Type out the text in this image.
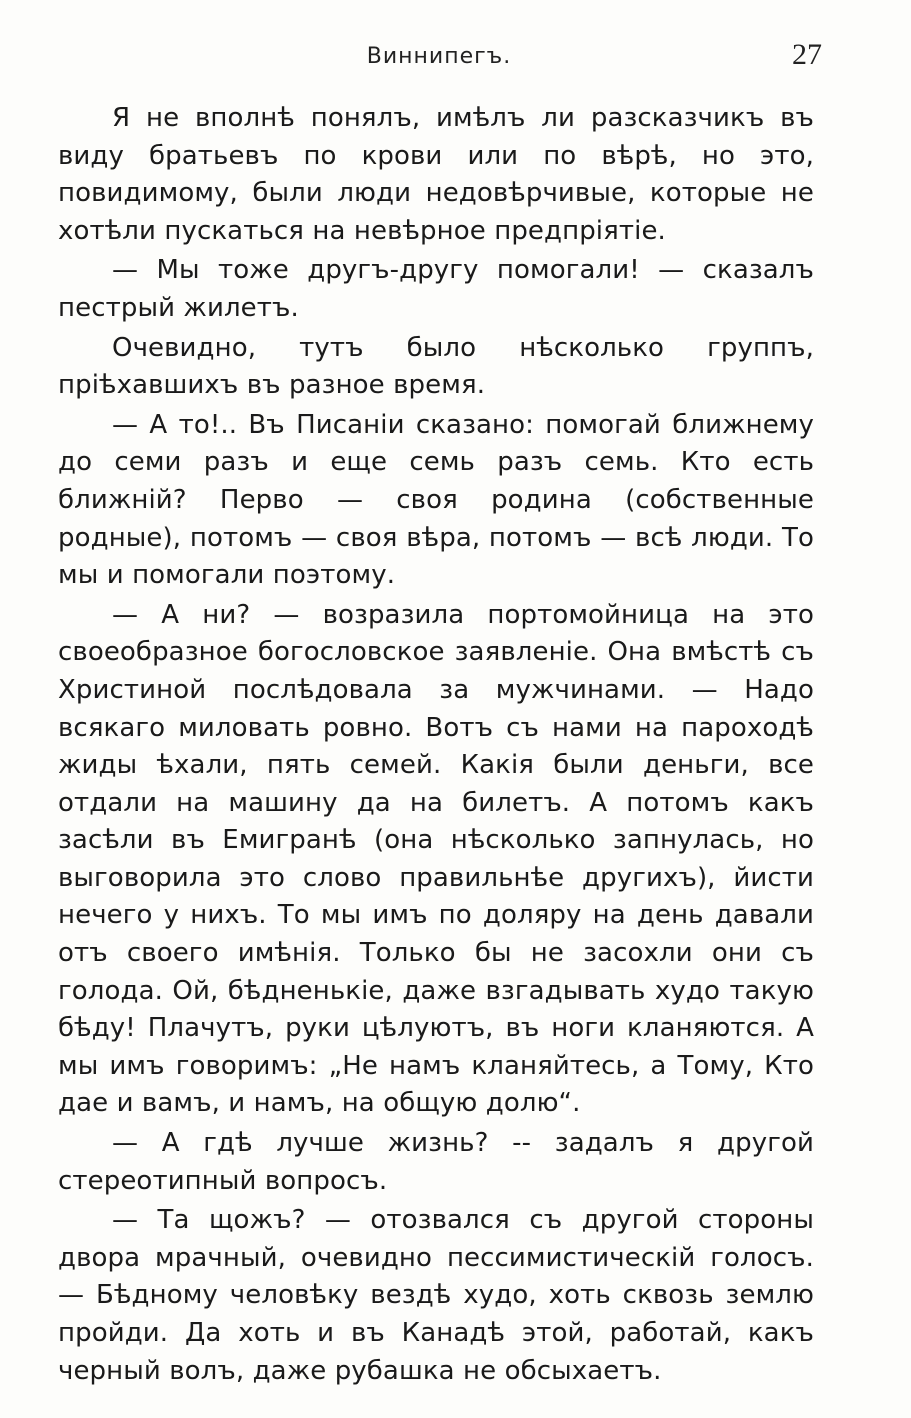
Виннипегъ.	27

Я не вполнѣ понялъ, имѣлъ ли разсказчикъ въ виду братьевъ по крови или по вѣрѣ, но это, повидимому, были люди недовѣрчивые, которые не хотѣли пускаться на невѣрное предпріятіе.

— Мы тоже другъ-другу помогали! — сказалъ пестрый жилетъ.

Очевидно, тутъ было нѣсколько группъ, пріѣхавшихъ въ разное время.

— А то!.. Въ Писаніи сказано: помогай ближнему до семи разъ и еще семь разъ семь. Кто есть ближній? Перво — своя родина (собственные родные), потомъ — своя вѣра, потомъ — всѣ люди. То мы и помогали поэтому.

— А ни? — возразила портомойница на это своеобразное богословское заявленіе. Она вмѣстѣ съ Христиной послѣдовала за мужчинами. — Надо всякаго миловать ровно. Вотъ съ нами на пароходѣ жиды ѣхали, пять семей. Какія были деньги, все отдали на машину да на билетъ. А потомъ какъ засѣли въ Емигранѣ (она нѣсколько запнулась, но выговорила это слово правильнѣе другихъ), йисти нечего у нихъ. То мы имъ по доляру на день давали отъ своего имѣнія. Только бы не засохли они съ голода. Ой, бѣдненькіе, даже взгадывать худо такую бѣду! Плачутъ, руки цѣлуютъ, въ ноги кланяются. А мы имъ говоримъ: „Не намъ кланяйтесь, а Тому, Кто дае и вамъ, и намъ, на общую долю“.

— А гдѣ лучше жизнь? -- задалъ я другой стереотипный вопросъ.

— Та щожъ? — отозвался съ другой стороны двора мрачный, очевидно пессимистическій голосъ. — Бѣдному человѣку вездѣ худо, хоть сквозь землю пройди. Да хоть и въ Канадѣ этой, работай, какъ черный волъ, даже рубашка не обсыхаетъ.
